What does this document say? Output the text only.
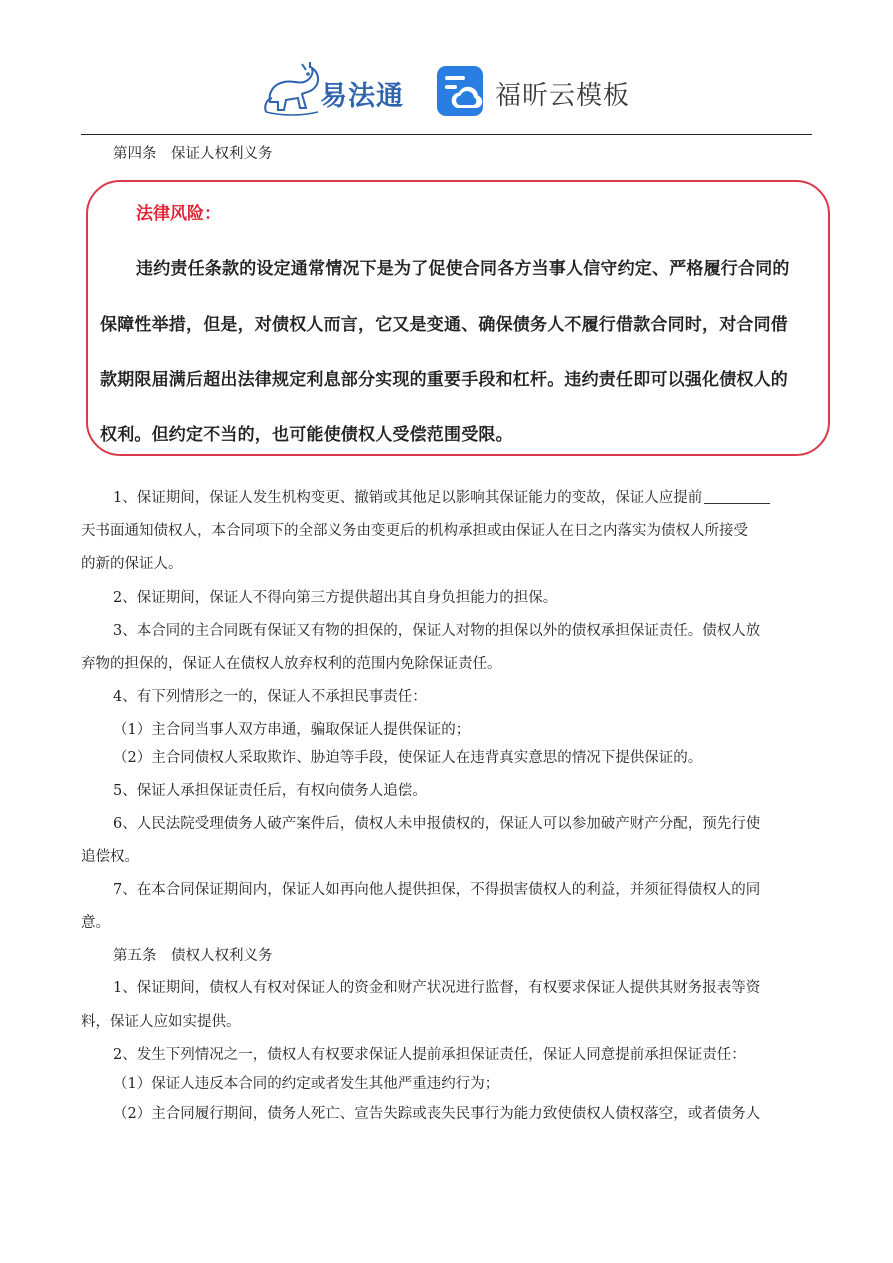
易法通	福昕云模板
第四条　保证人权利义务
法律风险：
违约责任条款的设定通常情况下是为了促使合同各方当事人信守约定、严格履行合同的
保障性举措，但是，对债权人而言，它又是变通、确保债务人不履行借款合同时，对合同借
款期限届满后超出法律规定利息部分实现的重要手段和杠杆。违约责任即可以强化债权人的
权利。但约定不当的，也可能使债权人受偿范围受限。
1、保证期间，保证人发生机构变更、撤销或其他足以影响其保证能力的变故，保证人应提前
天书面通知债权人，本合同项下的全部义务由变更后的机构承担或由保证人在日之内落实为债权人所接受
的新的保证人。
2、保证期间，保证人不得向第三方提供超出其自身负担能力的担保。
3、本合同的主合同既有保证又有物的担保的，保证人对物的担保以外的债权承担保证责任。债权人放
弃物的担保的，保证人在债权人放弃权利的范围内免除保证责任。
4、有下列情形之一的，保证人不承担民事责任：
（1）主合同当事人双方串通，骗取保证人提供保证的；
（2）主合同债权人采取欺诈、胁迫等手段，使保证人在违背真实意思的情况下提供保证的。
5、保证人承担保证责任后，有权向债务人追偿。
6、人民法院受理债务人破产案件后，债权人未申报债权的，保证人可以参加破产财产分配，预先行使
追偿权。
7、在本合同保证期间内，保证人如再向他人提供担保，不得损害债权人的利益，并须征得债权人的同
意。
第五条　债权人权利义务
1、保证期间，债权人有权对保证人的资金和财产状况进行监督，有权要求保证人提供其财务报表等资
料，保证人应如实提供。
2、发生下列情况之一，债权人有权要求保证人提前承担保证责任，保证人同意提前承担保证责任：
（1）保证人违反本合同的约定或者发生其他严重违约行为；
（2）主合同履行期间，债务人死亡、宣告失踪或丧失民事行为能力致使债权人债权落空，或者债务人
